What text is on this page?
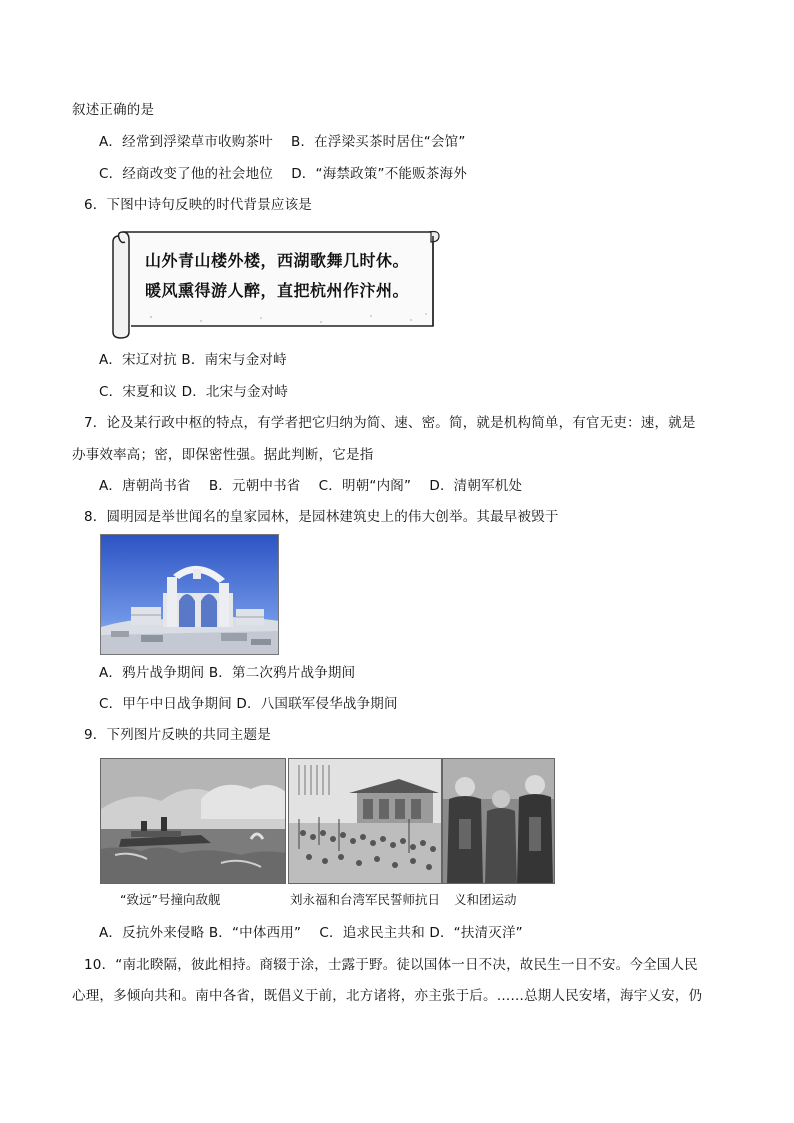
叙述正确的是
A．经常到浮梁草市收购茶叶　 B．在浮梁买茶时居住“会馆”
C．经商改变了他的社会地位　 D．“海禁政策”不能贩茶海外
6．下图中诗句反映的时代背景应该是
山外青山楼外楼，西湖歌舞几时休。
暖风熏得游人醉，直把杭州作汴州。
A．宋辽对抗 B．南宋与金对峙
C．宋夏和议 D．北宋与金对峙
7．论及某行政中枢的特点，有学者把它归纳为简、速、密。简，就是机构简单，有官无吏：速，就是
办事效率高；密，即保密性强。据此判断，它是指
A．唐朝尚书省　 B．元朝中书省　 C．明朝“内阁”　 D．清朝军机处
8．圆明园是举世闻名的皇家园林，是园林建筑史上的伟大创举。其最早被毁于
A．鸦片战争期间 B．第二次鸦片战争期间
C．甲午中日战争期间 D．八国联军侵华战争期间
9．下列图片反映的共同主题是
“致远”号撞向敌舰	刘永福和台湾军民誓师抗日 义和团运动
A．反抗外来侵略 B．“中体西用”　 C．追求民主共和 D．“扶清灭洋”
10．“南北睽隔，彼此相持。商辍于涂，士露于野。徒以国体一日不决，故民生一日不安。今全国人民
心理，多倾向共和。南中各省，既倡义于前，北方诸将，亦主张于后。……总期人民安堵，海宇乂安，仍
